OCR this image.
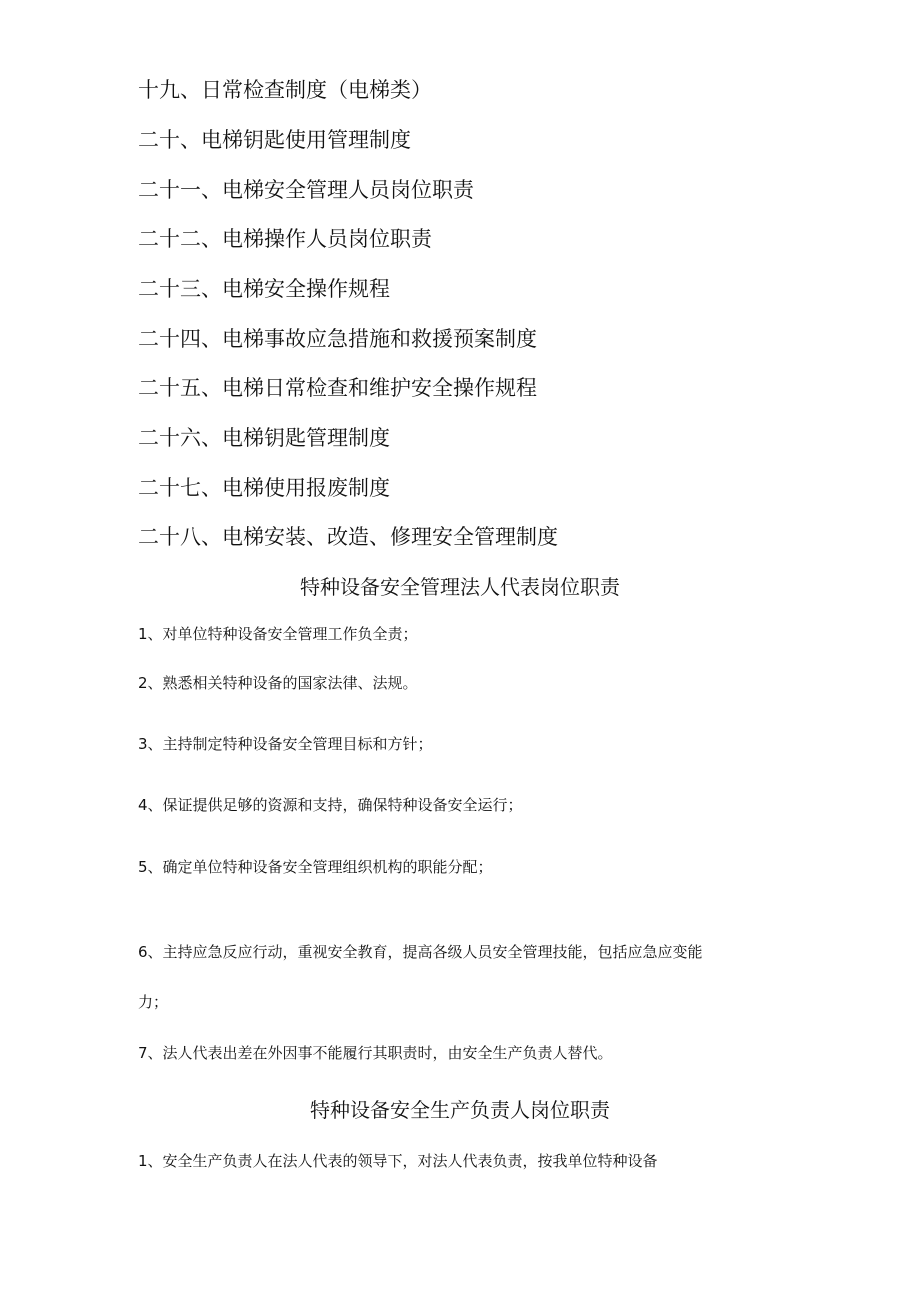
十九、日常检查制度（电梯类）
二十、电梯钥匙使用管理制度
二十一、电梯安全管理人员岗位职责
二十二、电梯操作人员岗位职责
二十三、电梯安全操作规程
二十四、电梯事故应急措施和救援预案制度
二十五、电梯日常检查和维护安全操作规程
二十六、电梯钥匙管理制度
二十七、电梯使用报废制度
二十八、电梯安装、改造、修理安全管理制度
特种设备安全管理法人代表岗位职责
1、对单位特种设备安全管理工作负全责；
2、熟悉相关特种设备的国家法律、法规。
3、主持制定特种设备安全管理目标和方针；
4、保证提供足够的资源和支持，确保特种设备安全运行；
5、确定单位特种设备安全管理组织机构的职能分配；
6、主持应急反应行动，重视安全教育，提高各级人员安全管理技能，包括应急应变能
力；
7、法人代表出差在外因事不能履行其职责时，由安全生产负责人替代。
特种设备安全生产负责人岗位职责
1、安全生产负责人在法人代表的领导下，对法人代表负责，按我单位特种设备
